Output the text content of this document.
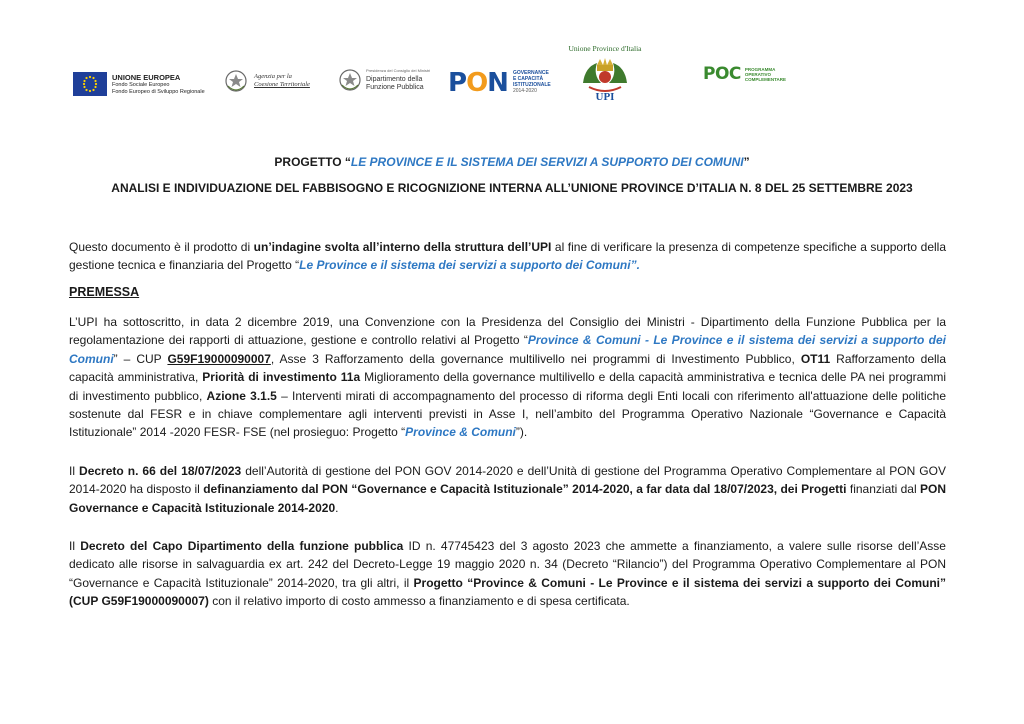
UNIONE EUROPEA
Fondo Sociale Europeo
Fondo Europeo di Sviluppo Regionale
Agenzia per la
Coesione Territoriale
Presidenza del Consiglio dei Ministri
Dipartimento della
Funzione Pubblica PON GOVERNANCE
E CAPACITÀ
ISTITUZIONALE
2014-2020
Unione Province d'Italia
UPI
POC PROGRAMMA
OPERATIVO
COMPLEMENTARE
PROGETTO “LE PROVINCE E IL SISTEMA DEI SERVIZI A SUPPORTO DEI COMUNI”
ANALISI E INDIVIDUAZIONE DEL FABBISOGNO E RICOGNIZIONE INTERNA ALL’UNIONE PROVINCE D’ITALIA N. 8 DEL 25 SETTEMBRE 2023
Questo documento è il prodotto di un’indagine svolta all’interno della struttura dell’UPI al fine di verificare la presenza di competenze specifiche a supporto della gestione tecnica e finanziaria del Progetto “Le Province e il sistema dei servizi a supporto dei Comuni”.
PREMESSA
L’UPI ha sottoscritto, in data 2 dicembre 2019, una Convenzione con la Presidenza del Consiglio dei Ministri - Dipartimento della Funzione Pubblica per la regolamentazione dei rapporti di attuazione, gestione e controllo relativi al Progetto “Province & Comuni - Le Province e il sistema dei servizi a supporto dei Comuni” – CUP G59F19000090007, Asse 3 Rafforzamento della governance multilivello nei programmi di Investimento Pubblico, OT11 Rafforzamento della capacità amministrativa, Priorità di investimento 11a Miglioramento della governance multilivello e della capacità amministrativa e tecnica delle PA nei programmi di investimento pubblico, Azione 3.1.5 – Interventi mirati di accompagnamento del processo di riforma degli Enti locali con riferimento all'attuazione delle politiche sostenute dal FESR e in chiave complementare agli interventi previsti in Asse I, nell’ambito del Programma Operativo Nazionale “Governance e Capacità Istituzionale” 2014 -2020 FESR- FSE (nel prosieguo: Progetto “Province & Comuni”).
Il Decreto n. 66 del 18/07/2023 dell’Autorità di gestione del PON GOV 2014-2020 e dell’Unità di gestione del Programma Operativo Complementare al PON GOV 2014-2020 ha disposto il definanziamento dal PON “Governance e Capacità Istituzionale” 2014-2020, a far data dal 18/07/2023, dei Progetti finanziati dal PON Governance e Capacità Istituzionale 2014-2020.
Il Decreto del Capo Dipartimento della funzione pubblica ID n. 47745423 del 3 agosto 2023 che ammette a finanziamento, a valere sulle risorse dell’Asse dedicato alle risorse in salvaguardia ex art. 242 del Decreto-Legge 19 maggio 2020 n. 34 (Decreto “Rilancio”) del Programma Operativo Complementare al PON “Governance e Capacità Istituzionale” 2014-2020, tra gli altri, il Progetto “Province & Comuni - Le Province e il sistema dei servizi a supporto dei Comuni” (CUP G59F19000090007) con il relativo importo di costo ammesso a finanziamento e di spesa certificata.
